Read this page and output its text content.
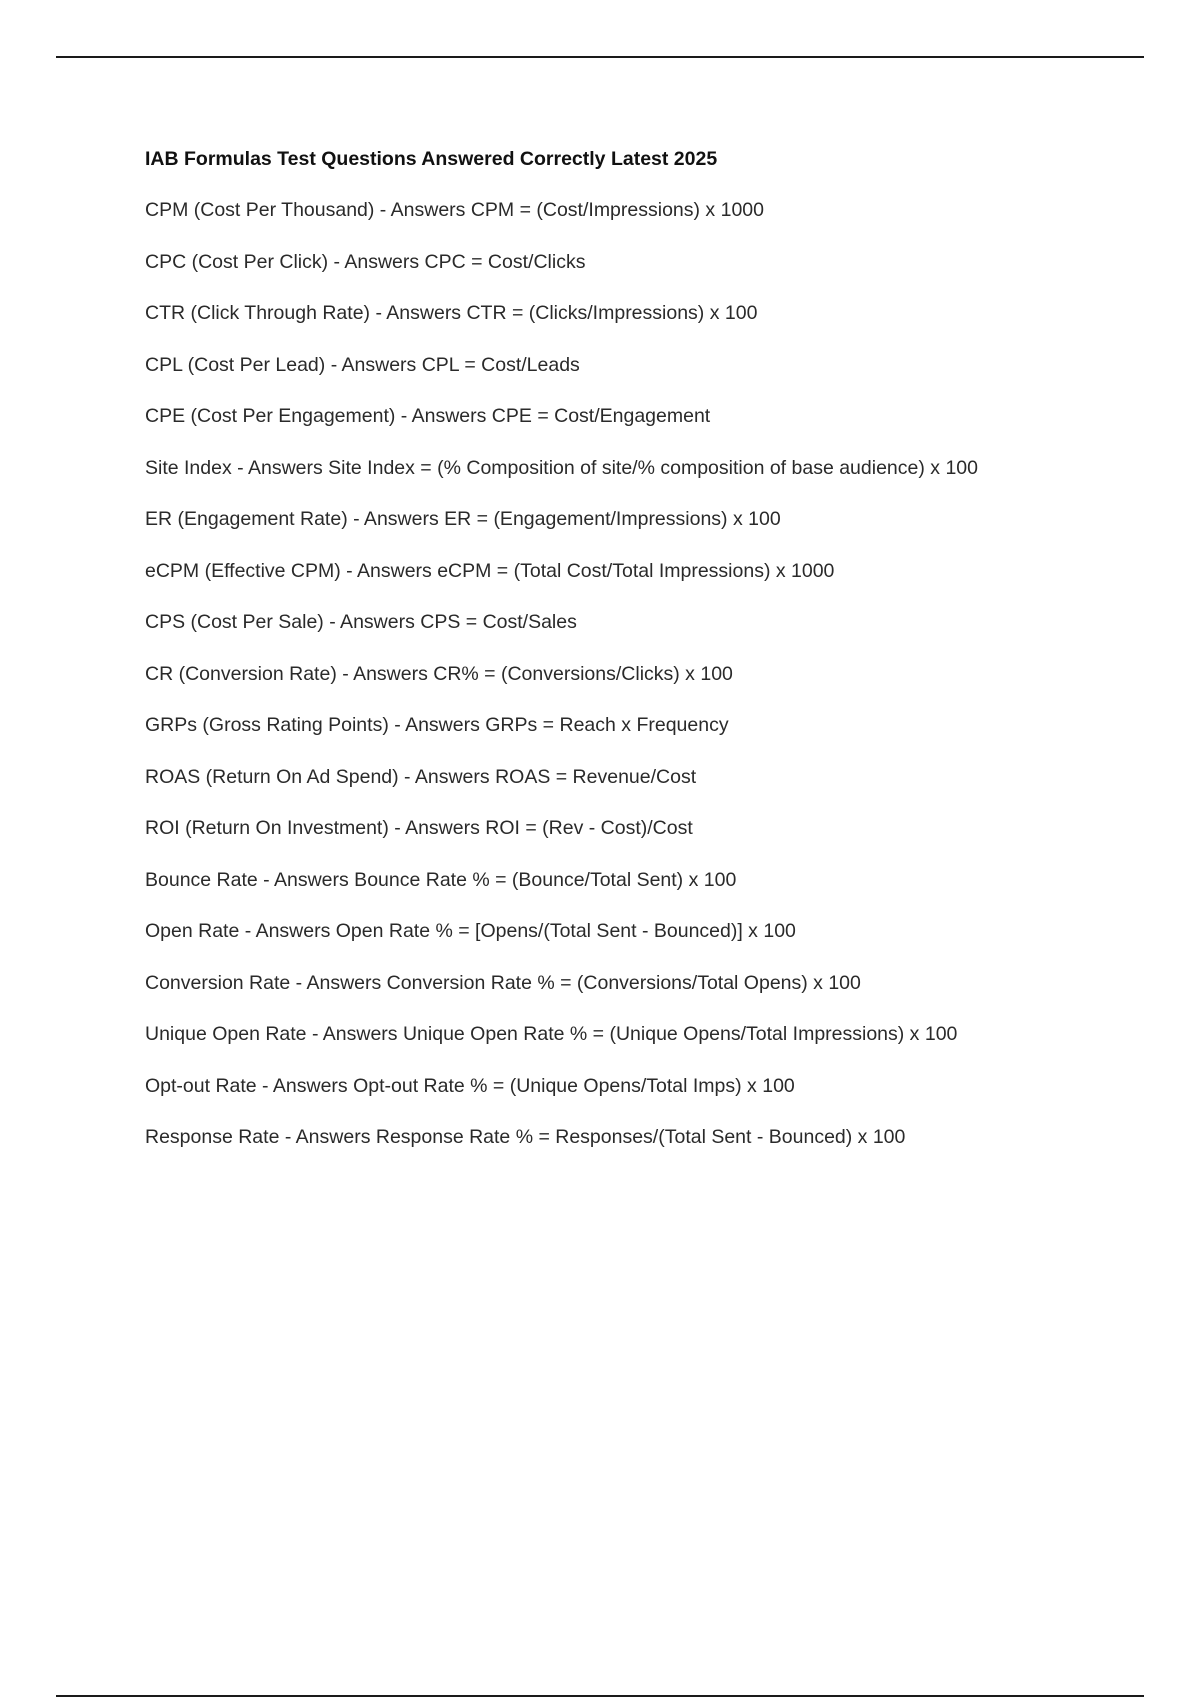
IAB Formulas Test Questions Answered Correctly Latest 2025
CPM (Cost Per Thousand) - Answers CPM = (Cost/Impressions) x 1000
CPC (Cost Per Click) - Answers CPC = Cost/Clicks
CTR (Click Through Rate) - Answers CTR = (Clicks/Impressions) x 100
CPL (Cost Per Lead) - Answers CPL = Cost/Leads
CPE (Cost Per Engagement) - Answers CPE = Cost/Engagement
Site Index - Answers Site Index = (% Composition of site/% composition of base audience) x 100
ER (Engagement Rate) - Answers ER = (Engagement/Impressions) x 100
eCPM (Effective CPM) - Answers eCPM = (Total Cost/Total Impressions) x 1000
CPS (Cost Per Sale) - Answers CPS = Cost/Sales
CR (Conversion Rate) - Answers CR% = (Conversions/Clicks) x 100
GRPs (Gross Rating Points) - Answers GRPs = Reach x Frequency
ROAS (Return On Ad Spend) - Answers ROAS = Revenue/Cost
ROI (Return On Investment) - Answers ROI = (Rev - Cost)/Cost
Bounce Rate - Answers Bounce Rate % = (Bounce/Total Sent) x 100
Open Rate - Answers Open Rate % = [Opens/(Total Sent - Bounced)] x 100
Conversion Rate - Answers Conversion Rate % = (Conversions/Total Opens) x 100
Unique Open Rate - Answers Unique Open Rate % = (Unique Opens/Total Impressions) x 100
Opt-out Rate - Answers Opt-out Rate % = (Unique Opens/Total Imps) x 100
Response Rate - Answers Response Rate % = Responses/(Total Sent - Bounced) x 100
